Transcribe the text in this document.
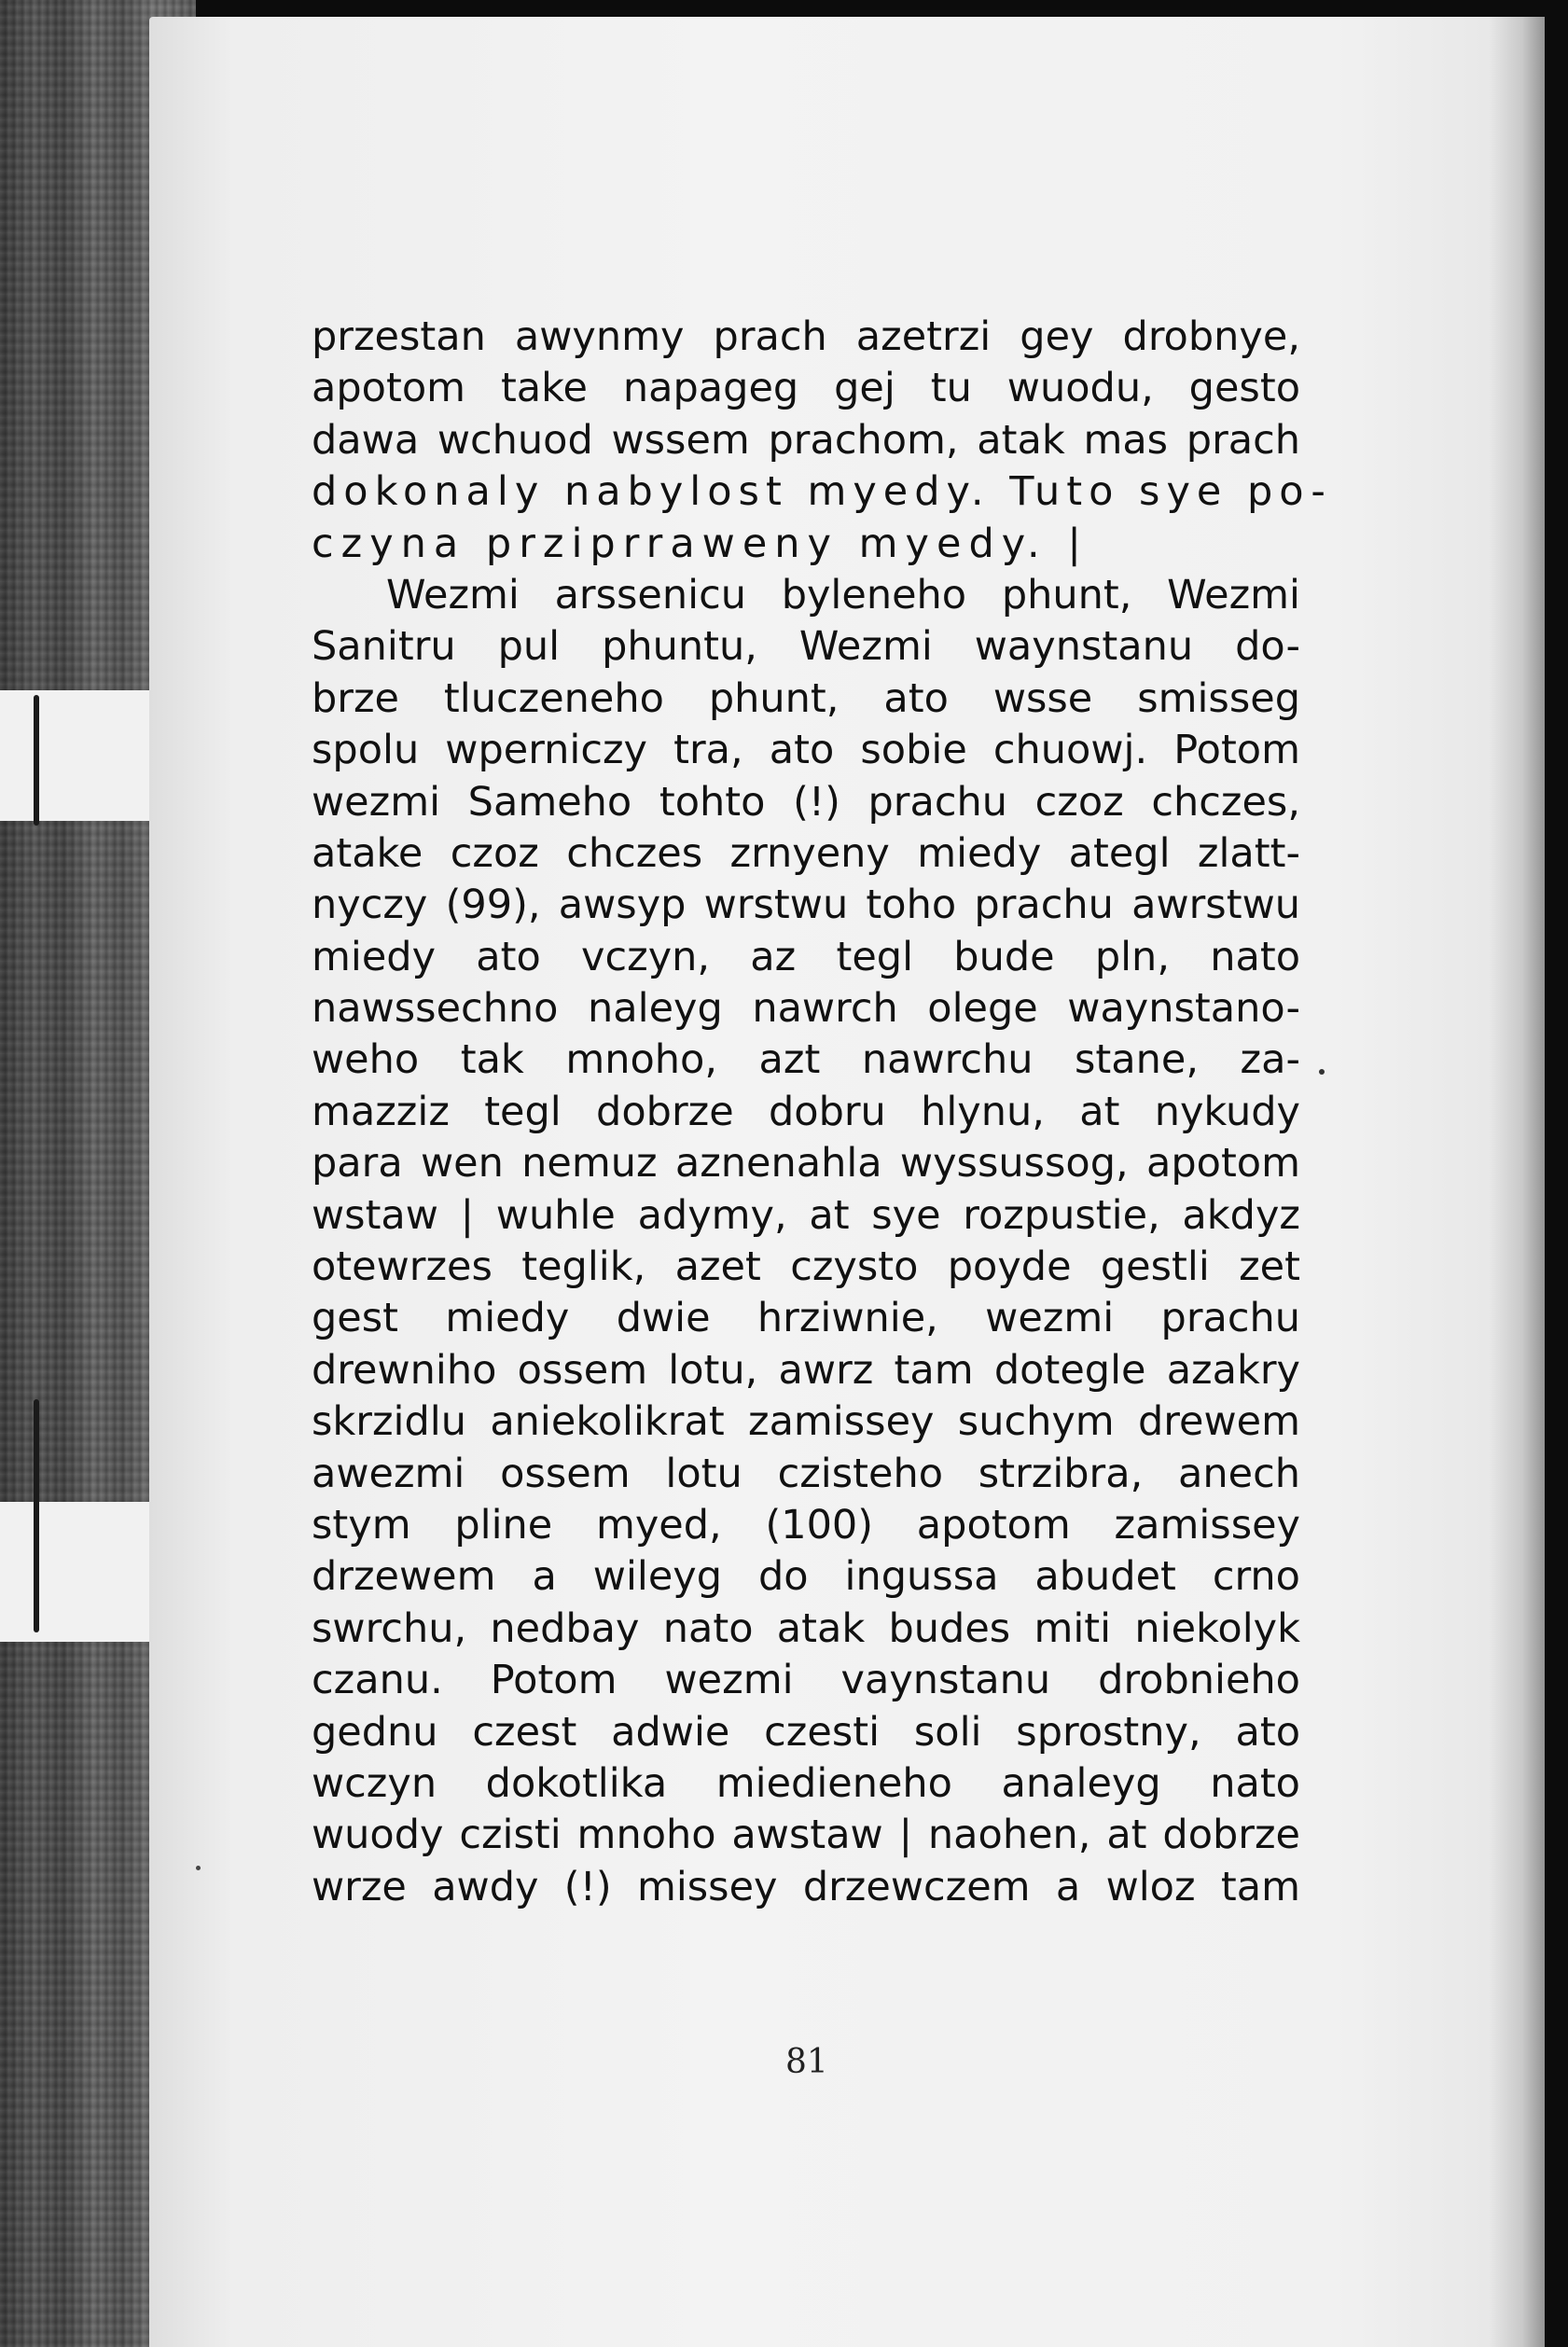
przestan awynmy prach azetrzi gey drobnye,
apotom take napageg gej tu wuodu, gesto
dawa wchuod wssem prachom, atak mas prach
dokonaly nabylost myedy. Tuto sye po-
czyna prziprraweny myedy. |
Wezmi arssenicu byleneho phunt, Wezmi
Sanitru pul phuntu, Wezmi waynstanu do-
brze tluczeneho phunt, ato wsse smisseg
spolu wperniczy tra, ato sobie chuowj. Potom
wezmi Sameho tohto (!) prachu czoz chczes,
atake czoz chczes zrnyeny miedy ategl zlatt-
nyczy (99), awsyp wrstwu toho prachu awrstwu
miedy ato vczyn, az tegl bude pln, nato
nawssechno naleyg nawrch olege waynstano-
weho tak mnoho, azt nawrchu stane, za-
mazziz tegl dobrze dobru hlynu, at nykudy
para wen nemuz aznenahla wyssussog, apotom
wstaw | wuhle adymy, at sye rozpustie, akdyz
otewrzes teglik, azet czysto poyde gestli zet
gest miedy dwie hrziwnie, wezmi prachu
drewniho ossem lotu, awrz tam dotegle azakry
skrzidlu aniekolikrat zamissey suchym drewem
awezmi ossem lotu czisteho strzibra, anech
stym pline myed, (100) apotom zamissey
drzewem a wileyg do ingussa abudet crno
swrchu, nedbay nato atak budes miti niekolyk
czanu. Potom wezmi vaynstanu drobnieho
gednu czest adwie czesti soli sprostny, ato
wczyn dokotlika miedieneho analeyg nato
wuody czisti mnoho awstaw | naohen, at dobrze
wrze awdy (!) missey drzewczem a wloz tam
81
